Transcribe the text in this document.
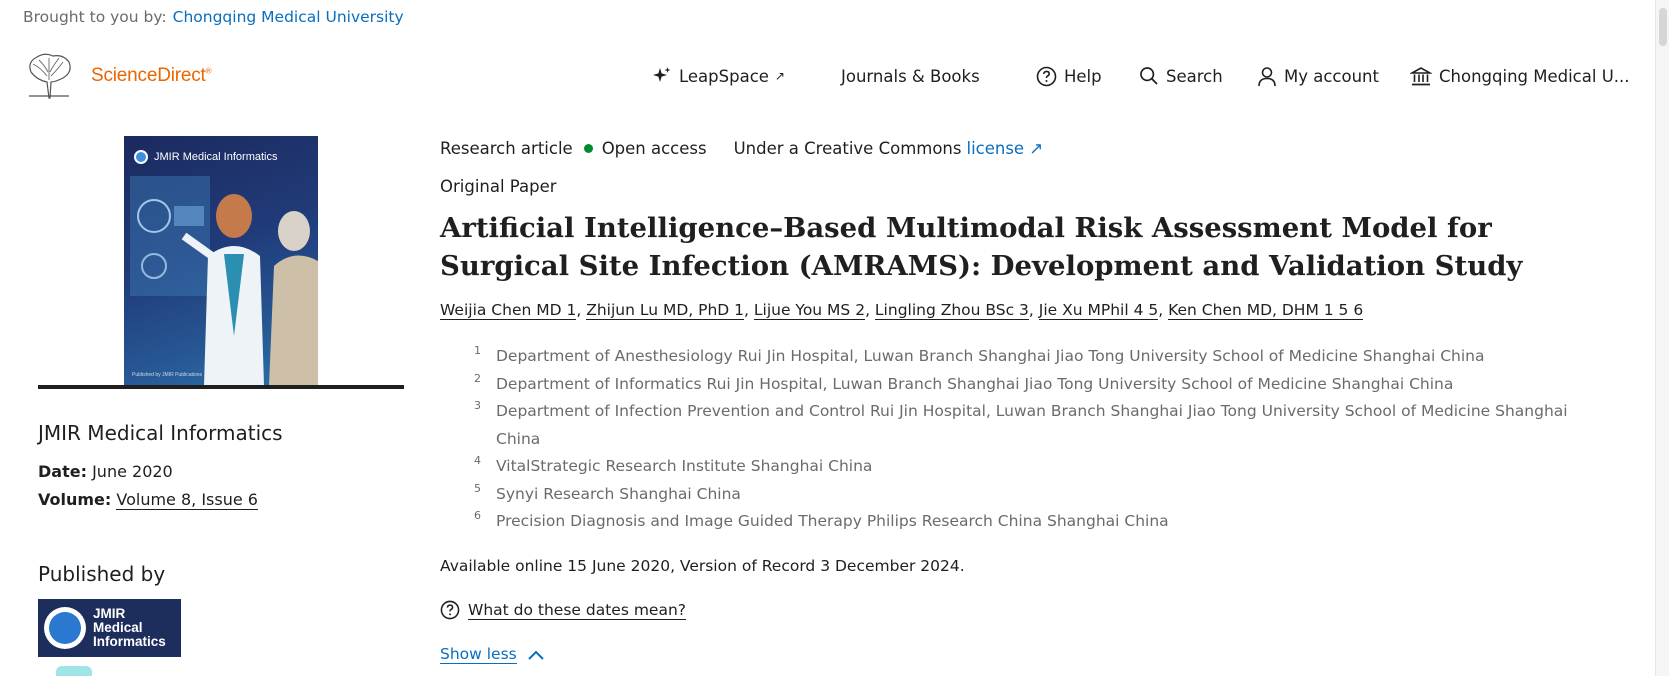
Brought to you by: Chongqing Medical University
ScienceDirect®	LeapSpace ↗	Journals & Books	Help	Search	My account	Chongqing Medical U...
JMIR Medical Informatics
Published by JMIR Publications
JMIR Medical Informatics
Date: June 2020
Volume: Volume 8, Issue 6
Published by
JMIR
Medical
Informatics
Research article Open access Under a Creative Commons license ↗
Original Paper
Artificial Intelligence–Based Multimodal Risk Assessment Model for Surgical Site Infection (AMRAMS): Development and Validation Study
Weijia Chen MD 1, Zhijun Lu MD, PhD 1, Lijue You MS 2, Lingling Zhou BSc 3, Jie Xu MPhil 4 5, Ken Chen MD, DHM 1 5 6
1 Department of Anesthesiology Rui Jin Hospital, Luwan Branch Shanghai Jiao Tong University School of Medicine Shanghai China
2 Department of Informatics Rui Jin Hospital, Luwan Branch Shanghai Jiao Tong University School of Medicine Shanghai China
3 Department of Infection Prevention and Control Rui Jin Hospital, Luwan Branch Shanghai Jiao Tong University School of Medicine Shanghai China
4 VitalStrategic Research Institute Shanghai China
5 Synyi Research Shanghai China
6 Precision Diagnosis and Image Guided Therapy Philips Research China Shanghai China
Available online 15 June 2020, Version of Record 3 December 2024.
What do these dates mean?
Show less
